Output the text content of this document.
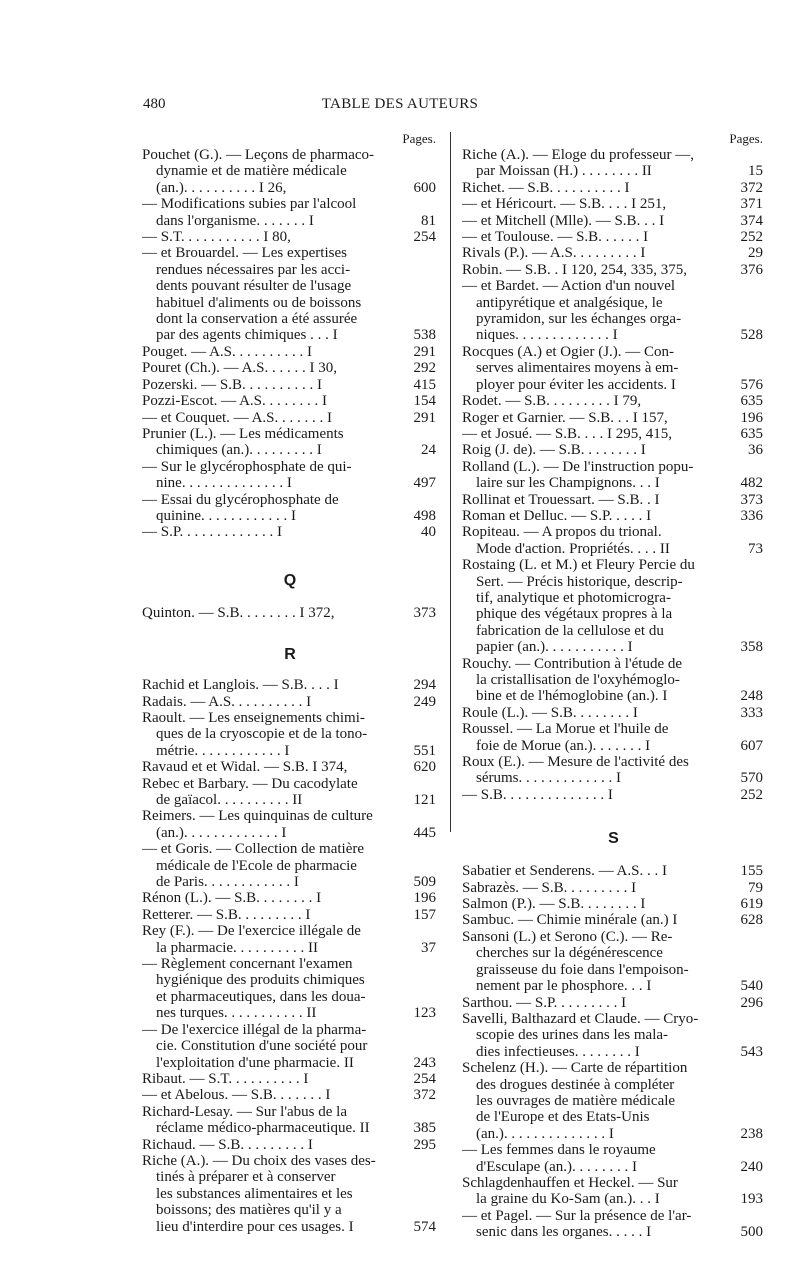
TABLE DES AUTEURS
480
Pages.
Pouchet (G.). — Leçons de pharmaco-
dynamie et de matière médicale
(an.). . . . . . . . . . I 26,	600
— Modifications subies par l'alcool
dans l'organisme. . . . . . . I	81
— S.T. . . . . . . . . . . I 80,	254
— et Brouardel. — Les expertises
rendues nécessaires par les acci-
dents pouvant résulter de l'usage
habituel d'aliments ou de boissons
dont la conservation a été assurée
par des agents chimiques . . . I	538
Pouget. — A.S. . . . . . . . . . I	291
Pouret (Ch.). — A.S. . . . . . I 30,	292
Pozerski. — S.B. . . . . . . . . . I	415
Pozzi-Escot. — A.S. . . . . . . . I	154
— et Couquet. — A.S. . . . . . . I	291
Prunier (L.). — Les médicaments
chimiques (an.). . . . . . . . . I	24
— Sur le glycérophosphate de qui-
nine. . . . . . . . . . . . . . I	497
— Essai du glycérophosphate de
quinine. . . . . . . . . . . . I	498
— S.P. . . . . . . . . . . . . I	40
Q
Quinton. — S.B. . . . . . . . I 372,	373
R
Rachid et Langlois. — S.B. . . . I	294
Radais. — A.S. . . . . . . . . . I	249
Raoult. — Les enseignements chimi-
ques de la cryoscopie et de la tono-
métrie. . . . . . . . . . . . I	551
Ravaud et et Widal. — S.B. I 374,	620
Rebec et Barbary. — Du cacodylate
de gaïacol. . . . . . . . . . II	121
Reimers. — Les quinquinas de culture
(an.). . . . . . . . . . . . . I	445
— et Goris. — Collection de matière
médicale de l'Ecole de pharmacie
de Paris. . . . . . . . . . . . I	509
Rénon (L.). — S.B. . . . . . . . I	196
Retterer. — S.B. . . . . . . . . I	157
Rey (F.). — De l'exercice illégale de
la pharmacie. . . . . . . . . . II	37
— Règlement concernant l'examen
hygiénique des produits chimiques
et pharmaceutiques, dans les doua-
nes turques. . . . . . . . . . . II	123
— De l'exercice illégal de la pharma-
cie. Constitution d'une société pour
l'exploitation d'une pharmacie. II	243
Ribaut. — S.T. . . . . . . . . . I	254
— et Abelous. — S.B. . . . . . . I	372
Richard-Lesay. — Sur l'abus de la
réclame médico-pharmaceutique. II	385
Richaud. — S.B. . . . . . . . . I	295
Riche (A.). — Du choix des vases des-
tinés à préparer et à conserver
les substances alimentaires et les
boissons; des matières qu'il y a
lieu d'interdire pour ces usages. I	574
Pages.
Riche (A.). — Eloge du professeur —,
par Moissan (H.) . . . . . . . . II	15
Richet. — S.B. . . . . . . . . . I	372
— et Héricourt. — S.B. . . . I 251,	371
— et Mitchell (Mlle). — S.B. . . I	374
— et Toulouse. — S.B. . . . . . I	252
Rivals (P.). — A.S. . . . . . . . . I	29
Robin. — S.B. . I 120, 254, 335, 375,	376
— et Bardet. — Action d'un nouvel
antipyrétique et analgésique, le
pyramidon, sur les échanges orga-
niques. . . . . . . . . . . . . I	528
Rocques (A.) et Ogier (J.). — Con-
serves alimentaires moyens à em-
ployer pour éviter les accidents. I	576
Rodet. — S.B. . . . . . . . . I 79,	635
Roger et Garnier. — S.B. . . I 157,	196
— et Josué. — S.B. . . . I 295, 415,	635
Roig (J. de). — S.B. . . . . . . . I	36
Rolland (L.). — De l'instruction popu-
laire sur les Champignons. . . I	482
Rollinat et Trouessart. — S.B. . I	373
Roman et Delluc. — S.P. . . . . I	336
Ropiteau. — A propos du trional.
Mode d'action. Propriétés. . . . II	73
Rostaing (L. et M.) et Fleury Percie du
Sert. — Précis historique, descrip-
tif, analytique et photomicrogra-
phique des végétaux propres à la
fabrication de la cellulose et du
papier (an.). . . . . . . . . . . I	358
Rouchy. — Contribution à l'étude de
la cristallisation de l'oxyhémoglo-
bine et de l'hémoglobine (an.). I	248
Roule (L.). — S.B. . . . . . . . I	333
Roussel. — La Morue et l'huile de
foie de Morue (an.). . . . . . . I	607
Roux (E.). — Mesure de l'activité des
sérums. . . . . . . . . . . . . I	570
— S.B. . . . . . . . . . . . . . I	252
S
Sabatier et Senderens. — A.S. . . I	155
Sabrazès. — S.B. . . . . . . . . I	79
Salmon (P.). — S.B. . . . . . . . I	619
Sambuc. — Chimie minérale (an.) I	628
Sansoni (L.) et Serono (C.). — Re-
cherches sur la dégénérescence
graisseuse du foie dans l'empoison-
nement par le phosphore. . . I	540
Sarthou. — S.P. . . . . . . . . I	296
Savelli, Balthazard et Claude. — Cryo-
scopie des urines dans les mala-
dies infectieuses. . . . . . . . I	543
Schelenz (H.). — Carte de répartition
des drogues destinée à compléter
les ouvrages de matière médicale
de l'Europe et des Etats-Unis
(an.). . . . . . . . . . . . . . I	238
— Les femmes dans le royaume
d'Esculape (an.). . . . . . . . I	240
Schlagdenhauffen et Heckel. — Sur
la graine du Ko-Sam (an.). . . I	193
— et Pagel. — Sur la présence de l'ar-
senic dans les organes. . . . . I	500
